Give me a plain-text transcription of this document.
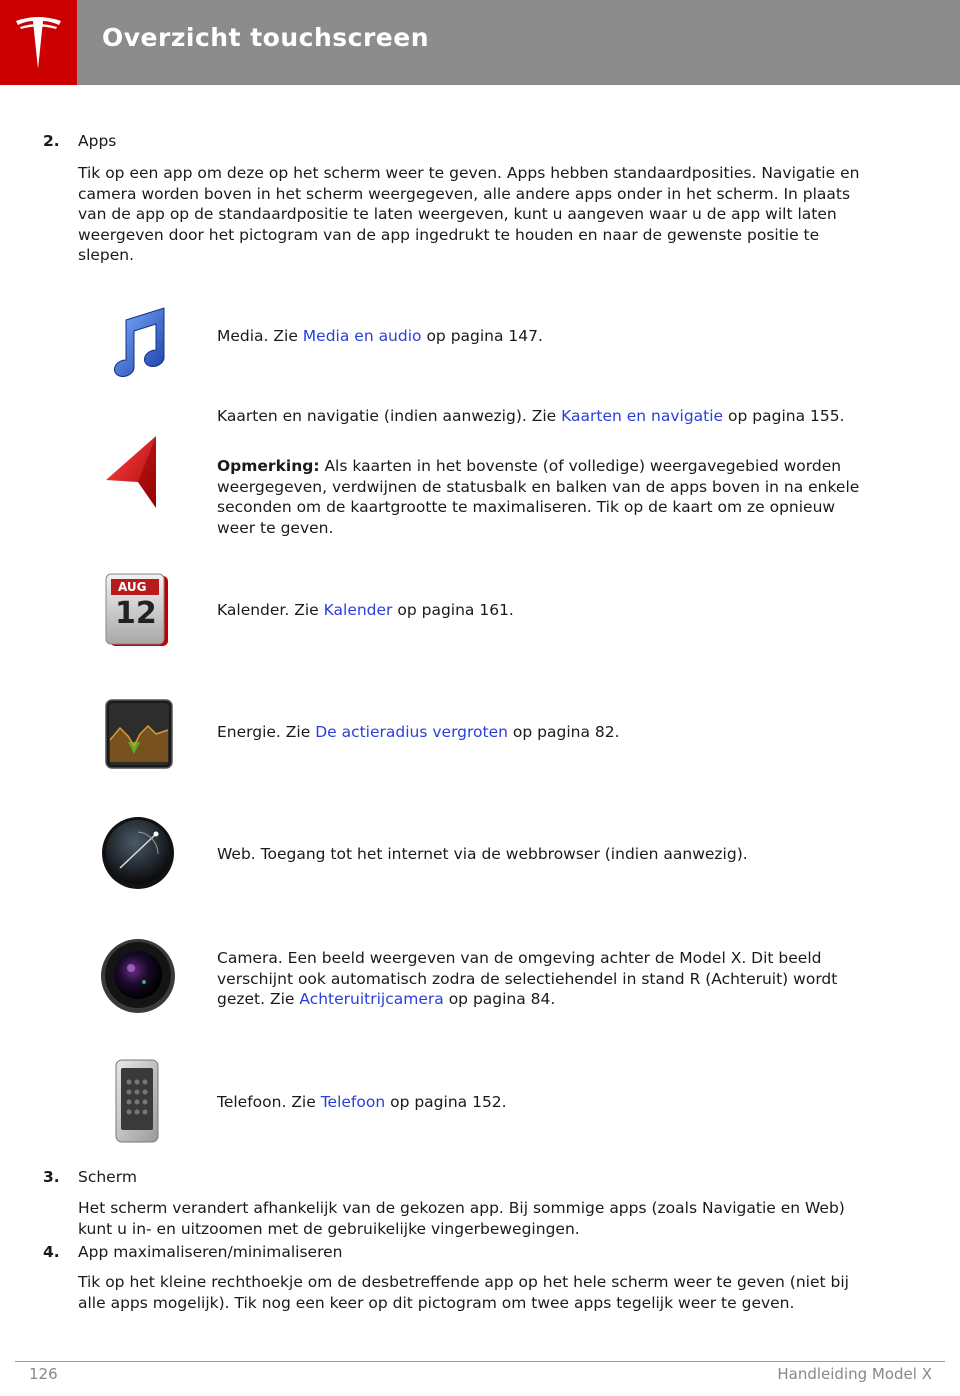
Overzicht touchscreen
2. Apps
Tik op een app om deze op het scherm weer te geven. Apps hebben standaardposities. Navigatie en camera worden boven in het scherm weergegeven, alle andere apps onder in het scherm. In plaats van de app op de standaardpositie te laten weergeven, kunt u aangeven waar u de app wilt laten weergeven door het pictogram van de app ingedrukt te houden en naar de gewenste positie te slepen.
Media. Zie Media en audio op pagina 147.
Kaarten en navigatie (indien aanwezig). Zie Kaarten en navigatie op pagina 155.
Opmerking: Als kaarten in het bovenste (of volledige) weergavegebied worden weergegeven, verdwijnen de statusbalk en balken van de apps boven in na enkele seconden om de kaartgrootte te maximaliseren. Tik op de kaart om ze opnieuw weer te geven.
AUG
12	Kalender. Zie Kalender op pagina 161.
Energie. Zie De actieradius vergroten op pagina 82.
Web. Toegang tot het internet via de webbrowser (indien aanwezig).
Camera. Een beeld weergeven van de omgeving achter de Model X. Dit beeld verschijnt ook automatisch zodra de selectiehendel in stand R (Achteruit) wordt gezet. Zie Achteruitrijcamera op pagina 84.
Telefoon. Zie Telefoon op pagina 152.
3. Scherm
Het scherm verandert afhankelijk van de gekozen app. Bij sommige apps (zoals Navigatie en Web) kunt u in- en uitzoomen met de gebruikelijke vingerbewegingen.
4. App maximaliseren/minimaliseren
Tik op het kleine rechthoekje om de desbetreffende app op het hele scherm weer te geven (niet bij alle apps mogelijk). Tik nog een keer op dit pictogram om twee apps tegelijk weer te geven.
126	Handleiding Model X
